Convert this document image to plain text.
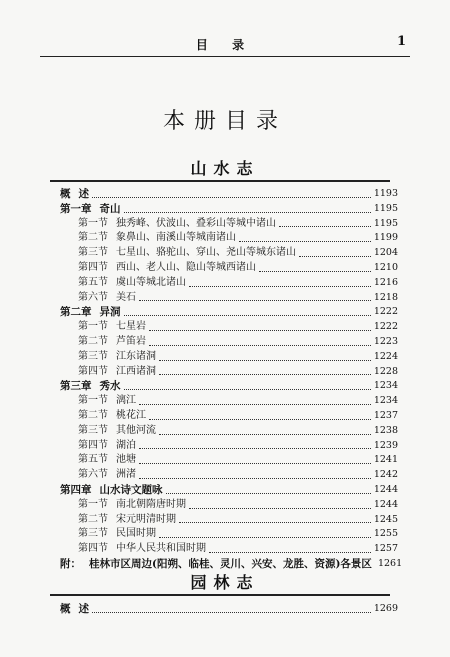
目 录	1
本册目录
山水志
概 述	1193
第一章 奇山	1195
第一节 独秀峰、伏波山、叠彩山等城中诸山	1195
第二节 象鼻山、南溪山等城南诸山	1199
第三节 七星山、骆驼山、穿山、尧山等城东诸山	1204
第四节 西山、老人山、隐山等城西诸山	1210
第五节 虞山等城北诸山	1216
第六节 美石	1218
第二章 异洞	1222
第一节 七星岩	1222
第二节 芦笛岩	1223
第三节 江东诸洞	1224
第四节 江西诸洞	1228
第三章 秀水	1234
第一节 漓江	1234
第二节 桃花江	1237
第三节 其他河流	1238
第四节 湖泊	1239
第五节 池塘	1241
第六节 洲渚	1242
第四章 山水诗文题咏	1244
第一节 南北朝隋唐时期	1244
第二节 宋元明清时期	1245
第三节 民国时期	1255
第四节 中华人民共和国时期	1257
附： 桂林市区周边(阳朔、临桂、灵川、兴安、龙胜、资源)各景区 1261
园林志
概 述	1269
